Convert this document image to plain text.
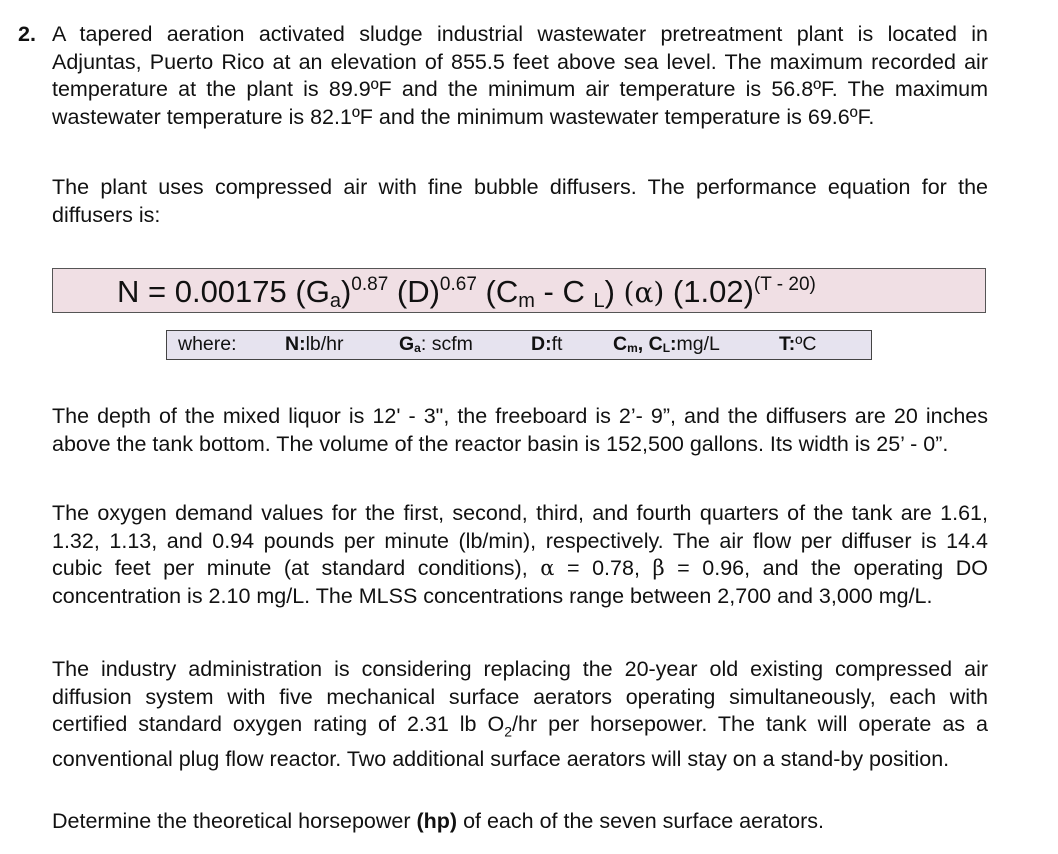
2. A tapered aeration activated sludge industrial wastewater pretreatment plant is located in Adjuntas, Puerto Rico at an elevation of 855.5 feet above sea level. The maximum recorded air temperature at the plant is 89.9ºF and the minimum air temperature is 56.8ºF. The maximum wastewater temperature is 82.1ºF and the minimum wastewater temperature is 69.6ºF.

The plant uses compressed air with fine bubble diffusers. The performance equation for the diffusers is:

N = 0.00175 $(G_a)^{0.87}$ $(D)^{0.67}$ ($C_m$ - C $_L$) (α) $(1.02)^{(T - 20)}$
where: N: lb/hr	$G_a$ : scfm	D: ft	$C_m$, $C_L$: mg/L	T: ºC

The depth of the mixed liquor is 12' - 3", the freeboard is 2’- 9”, and the diffusers are 20 inches above the tank bottom. The volume of the reactor basin is 152,500 gallons. Its width is 25’ - 0”.

The oxygen demand values for the first, second, third, and fourth quarters of the tank are 1.61, 1.32, 1.13, and 0.94 pounds per minute (lb/min), respectively. The air flow per diffuser is 14.4 cubic feet per minute (at standard conditions), α = 0.78, β = 0.96, and the operating DO concentration is 2.10 mg/L. The MLSS concentrations range between 2,700 and 3,000 mg/L.

The industry administration is considering replacing the 20-year old existing compressed air diffusion system with five mechanical surface aerators operating simultaneously, each with certified standard oxygen rating of 2.31 lb $O_2/hr$ per horsepower. The tank will operate as a conventional plug flow reactor. Two additional surface aerators will stay on a stand-by position.

Determine the theoretical horsepower (hp) of each of the seven surface aerators.
